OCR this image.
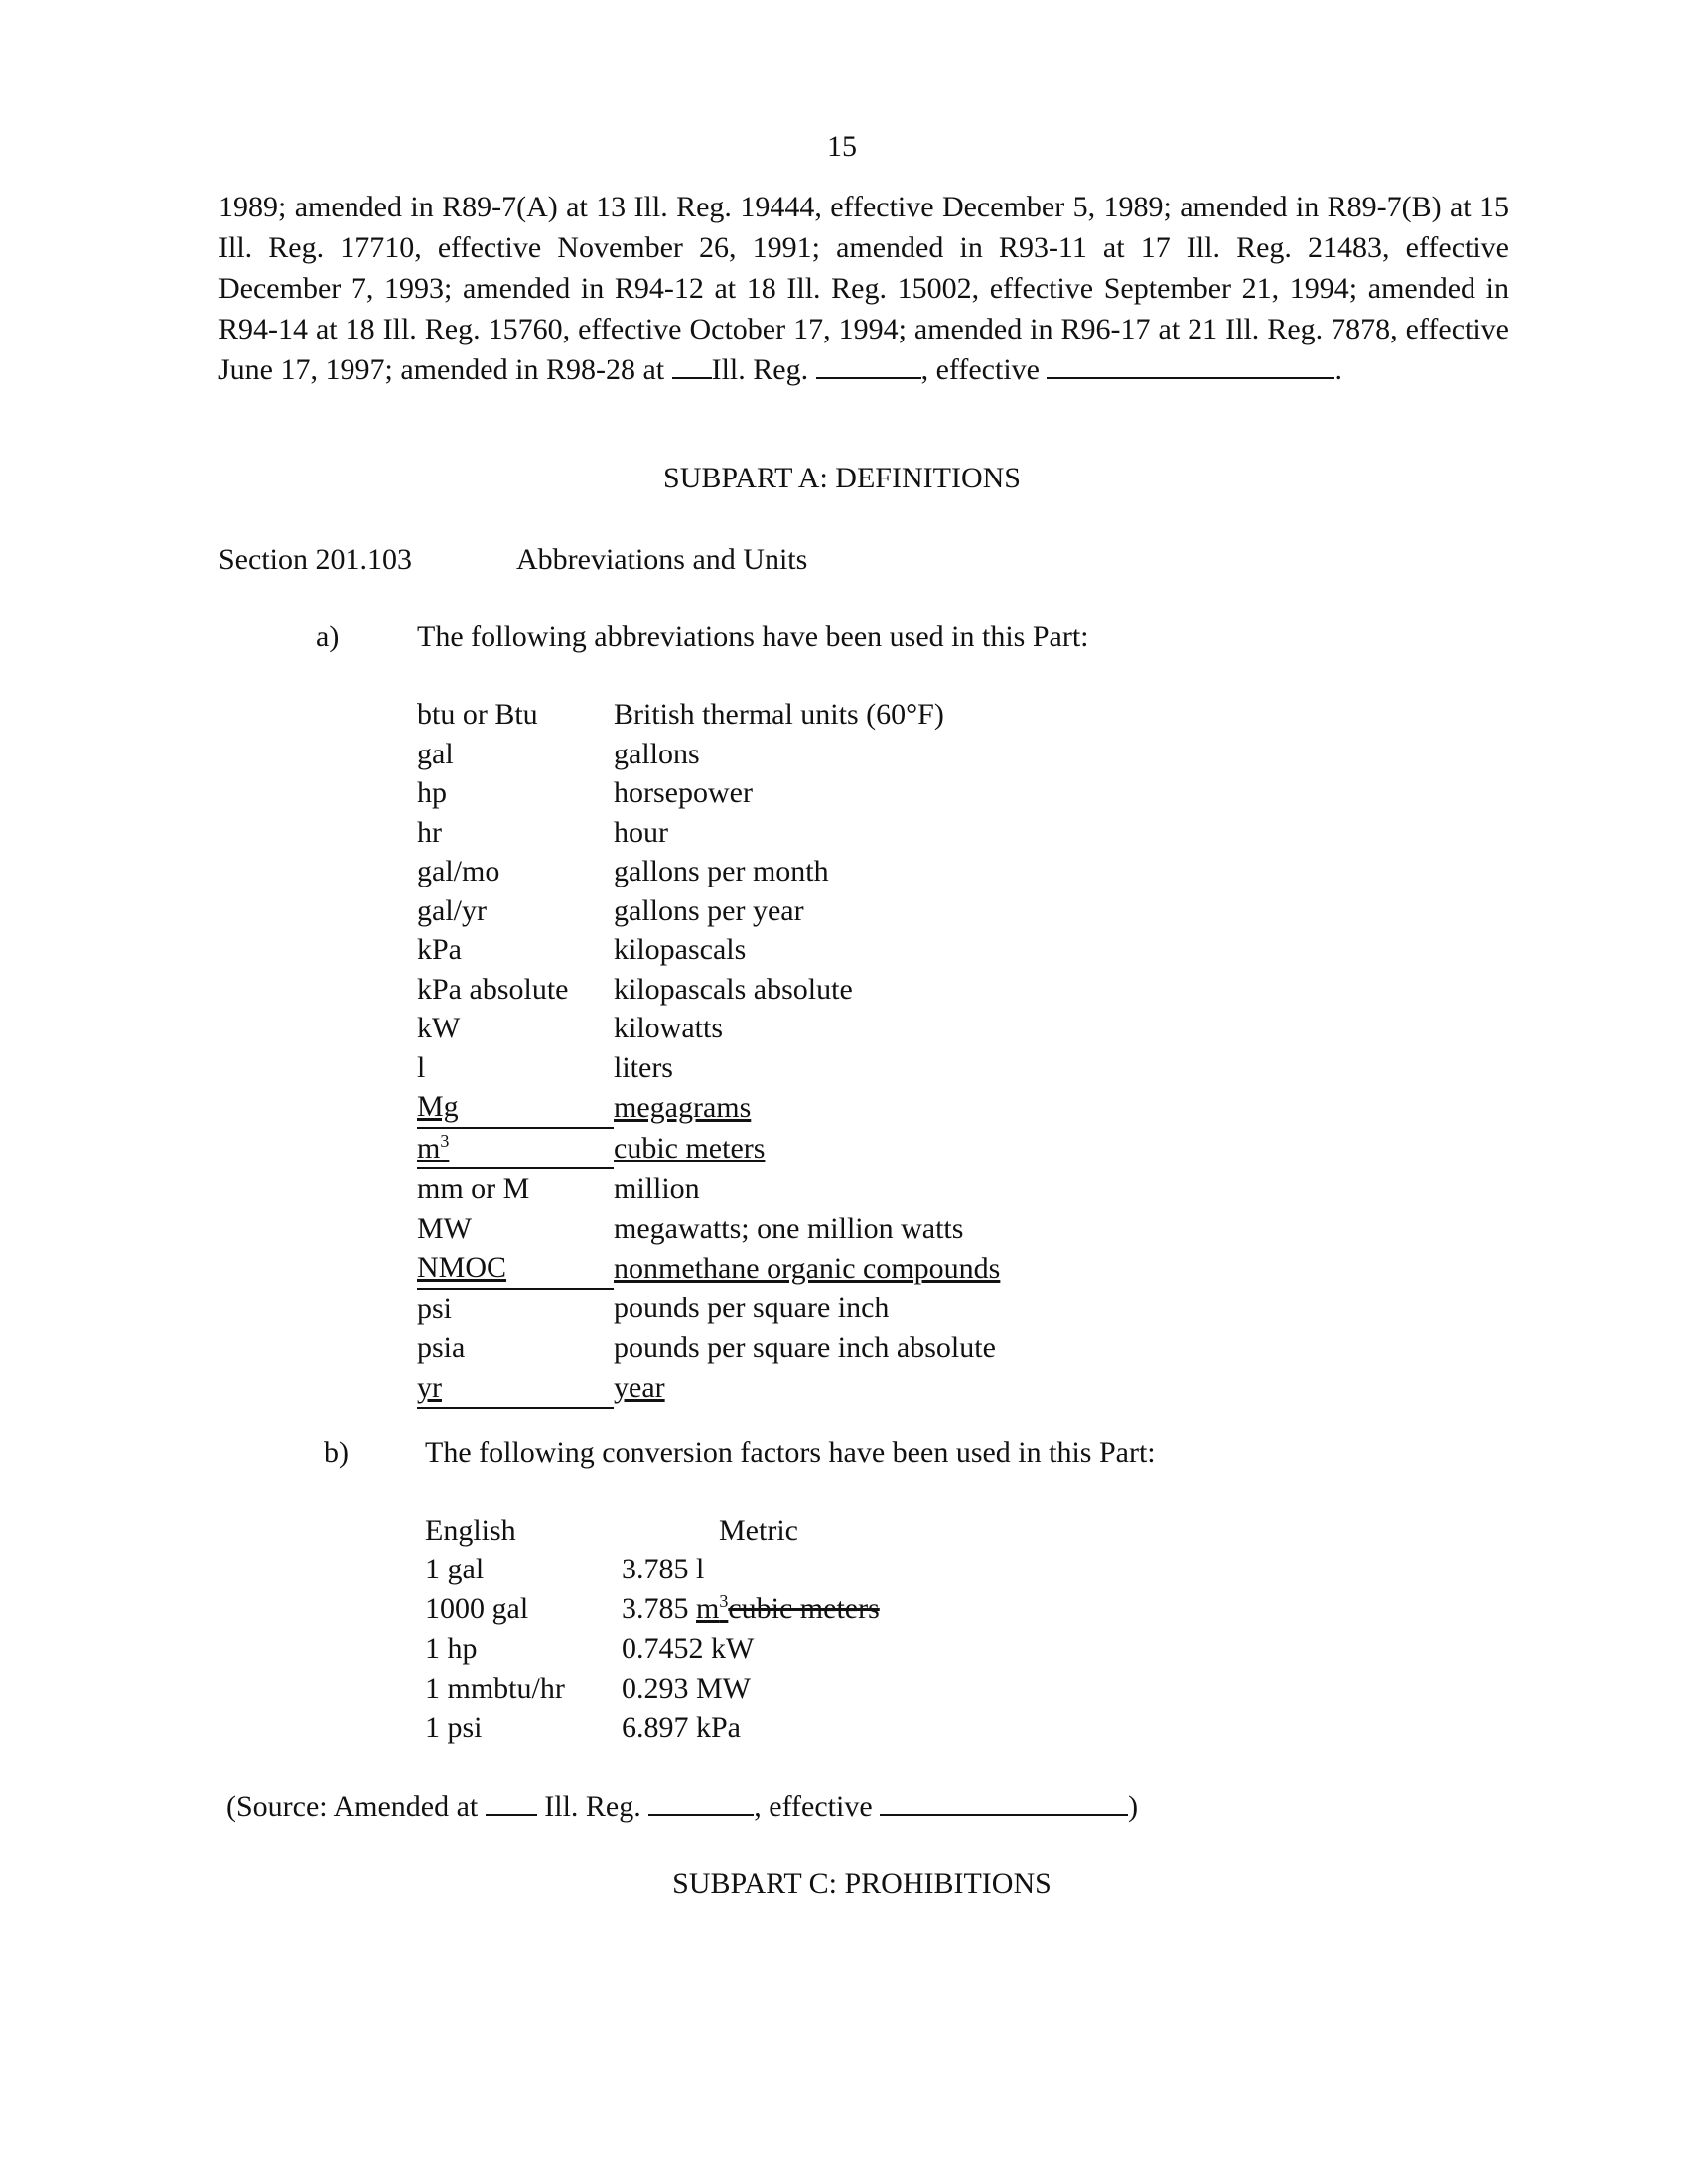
15

1989; amended in R89-7(A) at 13 Ill. Reg. 19444, effective December 5, 1989; amended in R89-7(B) at 15 Ill. Reg. 17710, effective November 26, 1991; amended in R93-11 at 17 Ill. Reg. 21483, effective December 7, 1993; amended in R94-12 at 18 Ill. Reg. 15002, effective September 21, 1994; amended in R94-14 at 18 Ill. Reg. 15760, effective October 17, 1994; amended in R96-17 at 21 Ill. Reg. 7878, effective June 17, 1997; amended in R98-28 at Ill. Reg.	, effective	.

SUBPART A: DEFINITIONS
Section 201.103	Abbreviations and Units
a)	The following abbreviations have been used in this Part:
btu or Btu	British thermal units (60°F)
gal	gallons
hp	horsepower
hr	hour
gal/mo	gallons per month
gal/yr	gallons per year
kPa	kilopascals
kPa absolute	kilopascals absolute
kW	kilowatts
l	liters
Mg	megagrams
$m^3$	cubic meters
mm or M	million
MW	megawatts; one million watts
NMOC	nonmethane organic compounds
psi	pounds per square inch
psia	pounds per square inch absolute
yr	year
b)	The following conversion factors have been used in this Part:
English	Metric
1 gal	3.785 l
1000 gal	3.785 $m^3cubic$ meters
1 hp	0.7452 kW
1 mmbtu/hr	0.293 MW
1 psi	6.897 kPa
(Source: Amended at Ill. Reg.	, effective	)
SUBPART C: PROHIBITIONS
